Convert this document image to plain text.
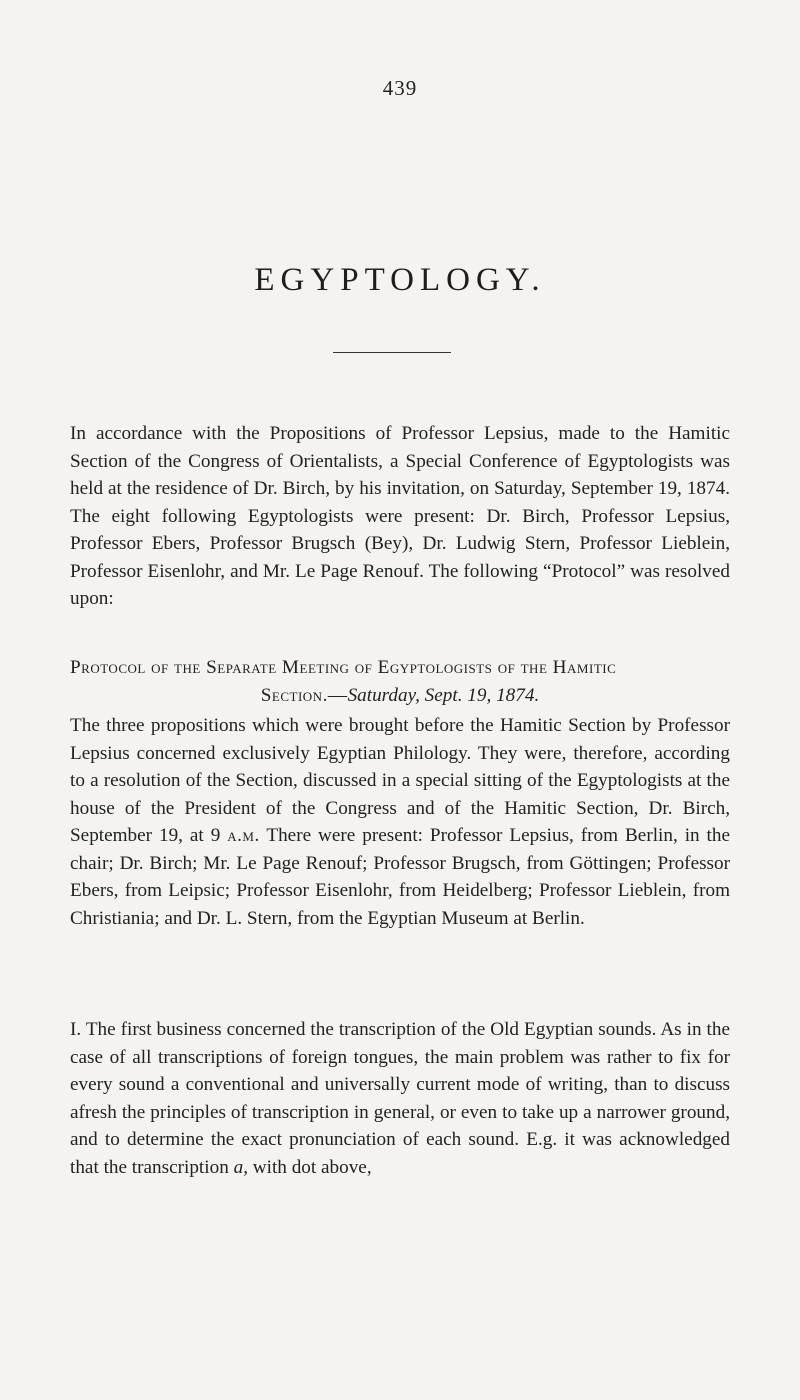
439
EGYPTOLOGY.

In accordance with the Propositions of Professor Lepsius, made to the Hamitic Section of the Congress of Orientalists, a Special Conference of Egyptologists was held at the residence of Dr. Birch, by his invitation, on Saturday, September 19, 1874. The eight following Egyptologists were present: Dr. Birch, Professor Lepsius, Professor Ebers, Professor Brugsch (Bey), Dr. Ludwig Stern, Professor Lieblein, Professor Eisenlohr, and Mr. Le Page Renouf. The following “Protocol” was resolved upon:

Protocol of the Separate Meeting of Egyptologists of the Hamitic
Section.—Saturday, Sept. 19, 1874.

The three propositions which were brought before the Hamitic Section by Professor Lepsius concerned exclusively Egyptian Philology. They were, therefore, according to a resolution of the Section, discussed in a special sitting of the Egyptologists at the house of the President of the Congress and of the Hamitic Section, Dr. Birch, September 19, at 9 a.m. There were present: Professor Lepsius, from Berlin, in the chair; Dr. Birch; Mr. Le Page Renouf; Professor Brugsch, from Göttingen; Professor Ebers, from Leipsic; Professor Eisenlohr, from Heidelberg; Professor Lieblein, from Christiania; and Dr. L. Stern, from the Egyptian Museum at Berlin.

I. The first business concerned the transcription of the Old Egyptian sounds. As in the case of all transcriptions of foreign tongues, the main problem was rather to fix for every sound a conventional and universally current mode of writing, than to discuss afresh the principles of transcription in general, or even to take up a narrower ground, and to determine the exact pronunciation of each sound. E.g. it was acknowledged that the transcription a, with dot above,
